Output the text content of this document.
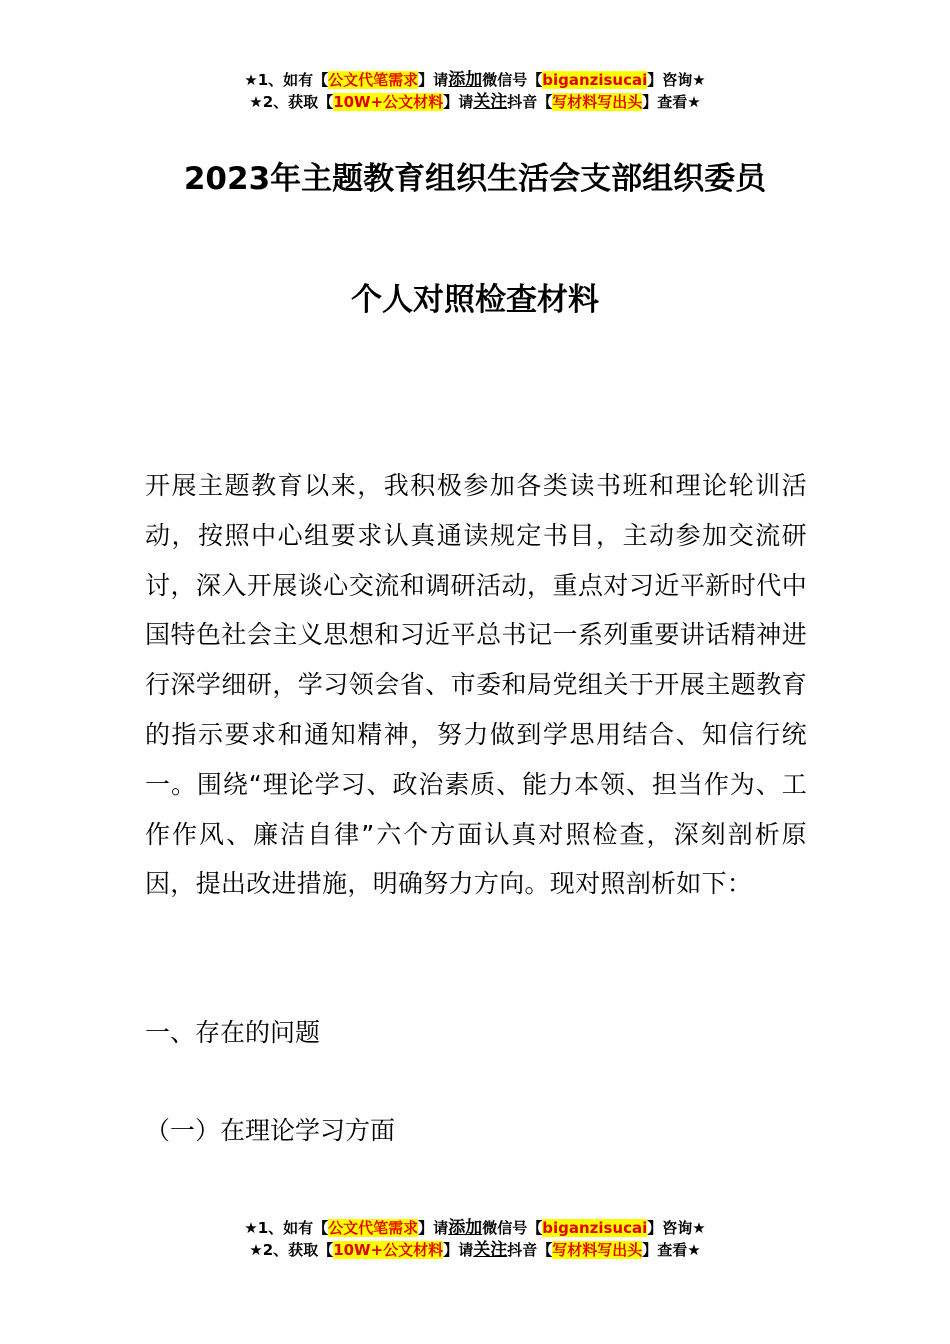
★1、如有【公文代笔需求】请添加微信号【biganzisucai】咨询★
★2、获取【10W+公文材料】请关注抖音【写材料写出头】查看★
2023年主题教育组织生活会支部组织委员
个人对照检查材料
开展主题教育以来，我积极参加各类读书班和理论轮训活动，按照中心组要求认真通读规定书目，主动参加交流研讨，深入开展谈心交流和调研活动，重点对习近平新时代中国特色社会主义思想和习近平总书记一系列重要讲话精神进行深学细研，学习领会省、市委和局党组关于开展主题教育的指示要求和通知精神，努力做到学思用结合、知信行统一。围绕“理论学习、政治素质、能力本领、担当作为、工作作风、廉洁自律”六个方面认真对照检查，深刻剖析原因，提出改进措施，明确努力方向。现对照剖析如下：
一、存在的问题
（一）在理论学习方面
★1、如有【公文代笔需求】请添加微信号【biganzisucai】咨询★
★2、获取【10W+公文材料】请关注抖音【写材料写出头】查看★
